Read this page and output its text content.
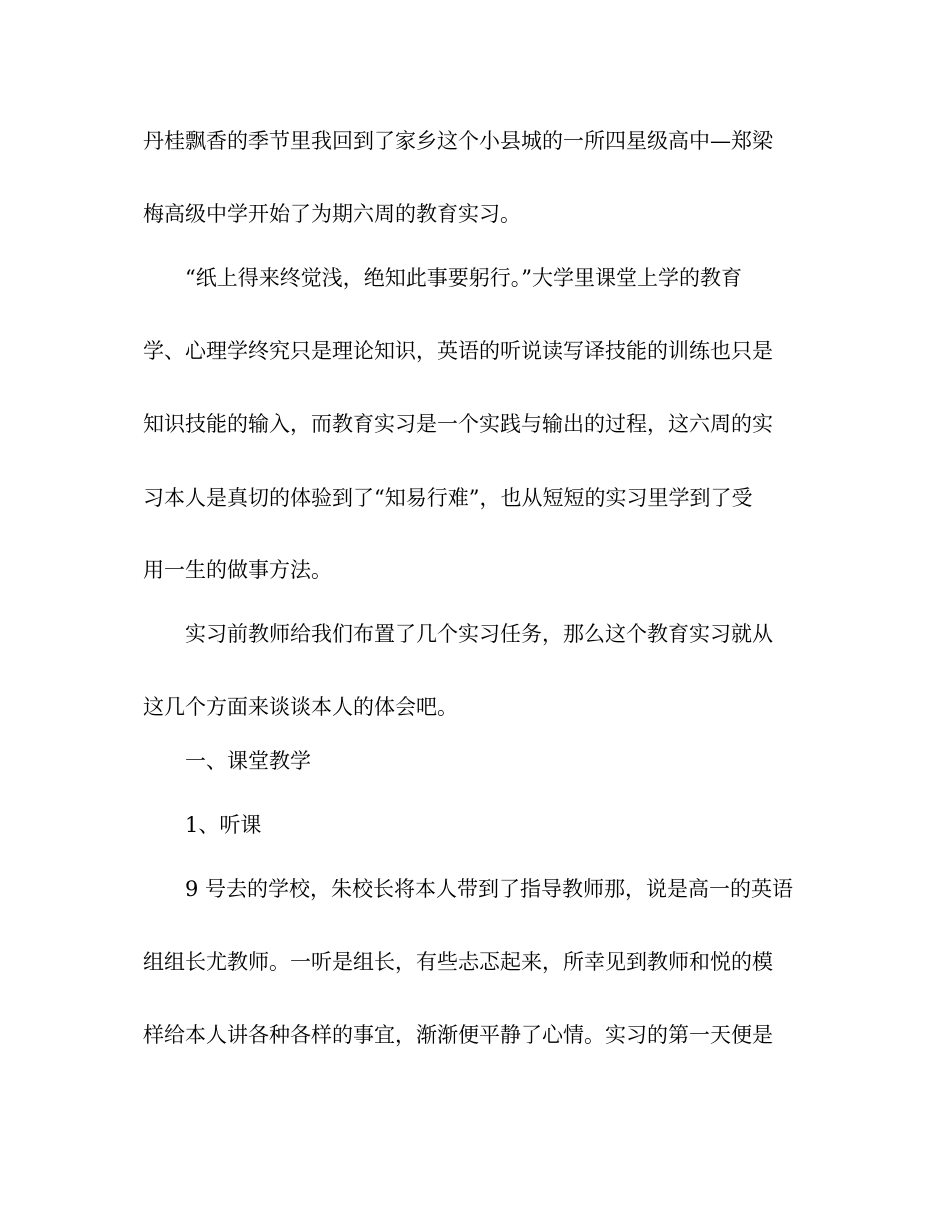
丹桂飘香的季节里我回到了家乡这个小县城的一所四星级高中—郑梁
梅高级中学开始了为期六周的教育实习。
“纸上得来终觉浅，绝知此事要躬行。”大学里课堂上学的教育
学、心理学终究只是理论知识，英语的听说读写译技能的训练也只是
知识技能的输入，而教育实习是一个实践与输出的过程，这六周的实
习本人是真切的体验到了“知易行难”，也从短短的实习里学到了受
用一生的做事方法。
实习前教师给我们布置了几个实习任务，那么这个教育实习就从
这几个方面来谈谈本人的体会吧。
一、课堂教学
1、听课
9 号去的学校，朱校长将本人带到了指导教师那，说是高一的英语
组组长尤教师。一听是组长，有些忐忑起来，所幸见到教师和悦的模
样给本人讲各种各样的事宜，渐渐便平静了心情。实习的第一天便是
